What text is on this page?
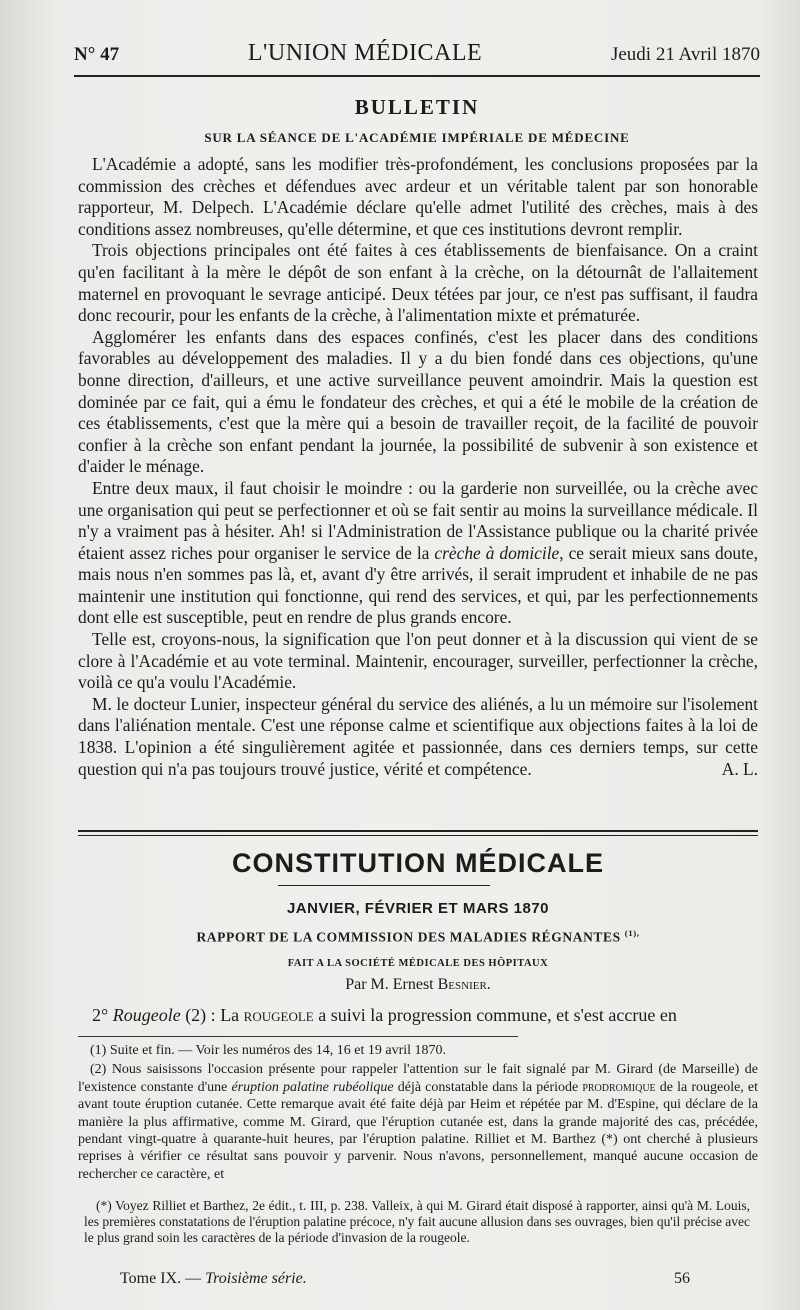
N° 47	L'UNION MÉDICALE	Jeudi 21 Avril 1870
BULLETIN
SUR LA SÉANCE DE L'ACADÉMIE IMPÉRIALE DE MÉDECINE

L'Académie a adopté, sans les modifier très-profondément, les conclusions proposées par la commission des crèches et défendues avec ardeur et un véritable talent par son honorable rapporteur, M. Delpech. L'Académie déclare qu'elle admet l'utilité des crèches, mais à des conditions assez nombreuses, qu'elle détermine, et que ces institutions devront remplir.

Trois objections principales ont été faites à ces établissements de bienfaisance. On a craint qu'en facilitant à la mère le dépôt de son enfant à la crèche, on la détournât de l'allaitement maternel en provoquant le sevrage anticipé. Deux tétées par jour, ce n'est pas suffisant, il faudra donc recourir, pour les enfants de la crèche, à l'alimentation mixte et prématurée.

Agglomérer les enfants dans des espaces confinés, c'est les placer dans des conditions favorables au développement des maladies. Il y a du bien fondé dans ces objections, qu'une bonne direction, d'ailleurs, et une active surveillance peuvent amoindrir. Mais la question est dominée par ce fait, qui a ému le fondateur des crèches, et qui a été le mobile de la création de ces établissements, c'est que la mère qui a besoin de travailler reçoit, de la facilité de pouvoir confier à la crèche son enfant pendant la journée, la possibilité de subvenir à son existence et d'aider le ménage.

Entre deux maux, il faut choisir le moindre : ou la garderie non surveillée, ou la crèche avec une organisation qui peut se perfectionner et où se fait sentir au moins la surveillance médicale. Il n'y a vraiment pas à hésiter. Ah! si l'Administration de l'Assistance publique ou la charité privée étaient assez riches pour organiser le service de la crèche à domicile, ce serait mieux sans doute, mais nous n'en sommes pas là, et, avant d'y être arrivés, il serait imprudent et inhabile de ne pas maintenir une institution qui fonctionne, qui rend des services, et qui, par les perfectionnements dont elle est susceptible, peut en rendre de plus grands encore.

Telle est, croyons-nous, la signification que l'on peut donner et à la discussion qui vient de se clore à l'Académie et au vote terminal. Maintenir, encourager, surveiller, perfectionner la crèche, voilà ce qu'a voulu l'Académie.

M. le docteur Lunier, inspecteur général du service des aliénés, a lu un mémoire sur l'isolement dans l'aliénation mentale. C'est une réponse calme et scientifique aux objections faites à la loi de 1838. L'opinion a été singulièrement agitée et passionnée, dans ces derniers temps, sur cette question qui n'a pas toujours trouvé justice, vérité et compétence.	A. L.

CONSTITUTION MÉDICALE
JANVIER, FÉVRIER ET MARS 1870
RAPPORT DE LA COMMISSION DES MALADIES RÉGNANTES $^{(1),}$
FAIT A LA SOCIÉTÉ MÉDICALE DES HÔPITAUX
Par M. Ernest Besnier.

2° Rougeole (2) : La rougeole a suivi la progression commune, et s'est accrue en

(1) Suite et fin. — Voir les numéros des 14, 16 et 19 avril 1870.

(2) Nous saisissons l'occasion présente pour rappeler l'attention sur le fait signalé par M. Girard (de Marseille) de l'existence constante d'une éruption palatine rubéolique déjà constatable dans la période prodromique de la rougeole, et avant toute éruption cutanée. Cette remarque avait été faite déjà par Heim et répétée par M. d'Espine, qui déclare de la manière la plus affirmative, comme M. Girard, que l'éruption cutanée est, dans la grande majorité des cas, précédée, pendant vingt-quatre à quarante-huit heures, par l'éruption palatine. Rilliet et M. Barthez (*) ont cherché à plusieurs reprises à vérifier ce résultat sans pouvoir y parvenir. Nous n'avons, personnellement, manqué aucune occasion de rechercher ce caractère, et

(*) Voyez Rilliet et Barthez, 2e édit., t. III, p. 238. Valleix, à qui M. Girard était disposé à rapporter, ainsi qu'à M. Louis, les premières constatations de l'éruption palatine précoce, n'y fait aucune allusion dans ses ouvrages, bien qu'il précise avec le plus grand soin les caractères de la période d'invasion de la rougeole.

Tome IX. — Troisième série.	56
